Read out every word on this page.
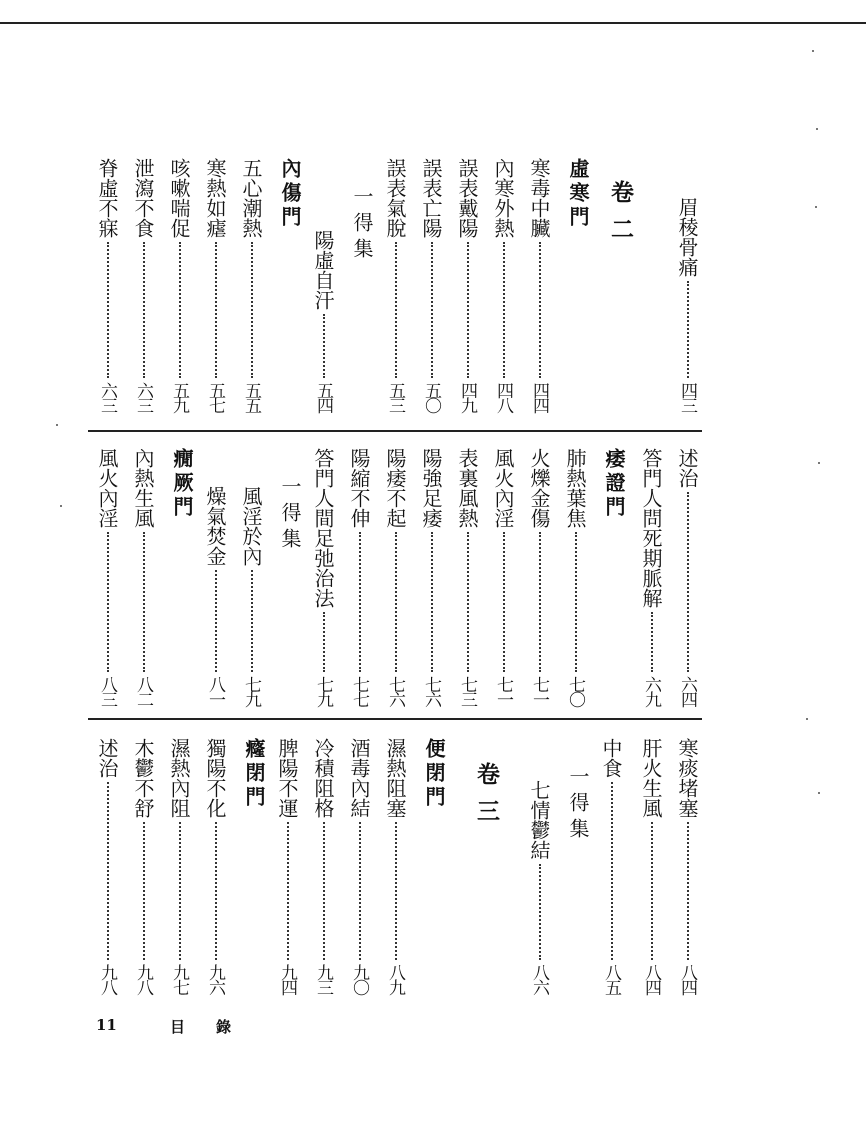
眉稜骨痛
四三
卷二
虛寒門
寒毒中臟
四四
內寒外熱
四八
誤表戴陽
四九
誤表亡陽
五〇
誤表氣脫
五三
一得集
陽虛自汗
五四
內傷門
五心潮熱
五五
寒熱如瘧
五七
咳嗽喘促
五九
泄瀉不食
六三
脊虛不寐
六三
述治
六四
答門人問死期脈解
六九
痿證門
肺熱葉焦
七〇
火爍金傷
七一
風火內淫
七一
表裏風熱
七三
陽強足痿
七六
陽痿不起
七六
陽縮不伸
七七
答門人間足弛治法
七九
一得集
風淫於內
七九
燥氣焚金
八一
癇厥門
內熱生風
八二
風火內淫
八三
寒痰堵塞
八四
肝火生風
八四
中食
八五
一得集
七情鬱結
八六
卷三
便閉門
濕熱阻塞
八九
酒毒內結
九〇
冷積阻格
九三
脾陽不運
九四
癃閉門
獨陽不化
九六
濕熱內阻
九七
木鬱不舒
九八
述治
九八
11	目 錄
